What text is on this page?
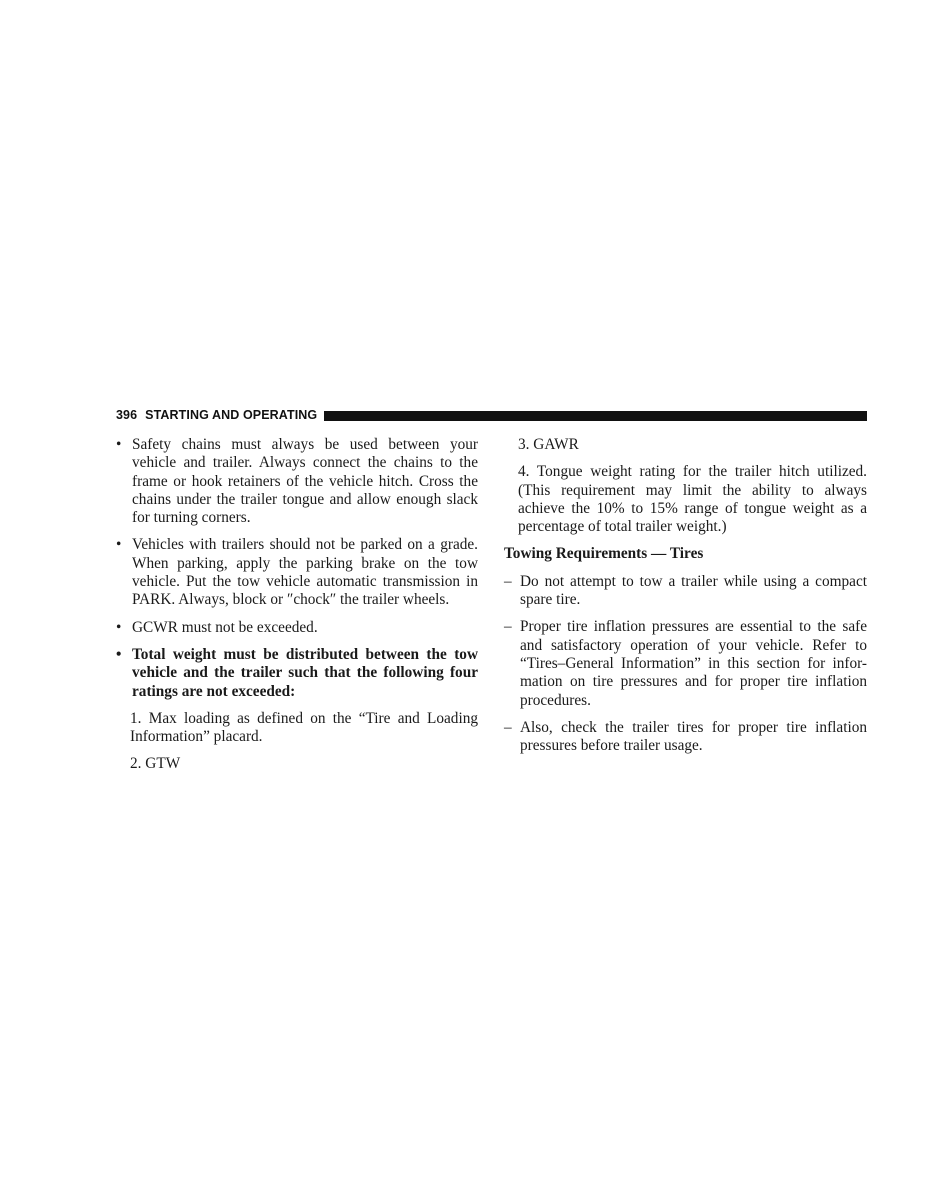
396 STARTING AND OPERATING
• Safety chains must always be used between your vehicle and trailer. Always connect the chains to the frame or hook retainers of the vehicle hitch. Cross the chains under the trailer tongue and allow enough slack for turning corners.
• Vehicles with trailers should not be parked on a grade. When parking, apply the parking brake on the tow vehicle. Put the tow vehicle automatic transmission in PARK. Always, block or ″chock″ the trailer wheels.
• GCWR must not be exceeded.
• Total weight must be distributed between the tow vehicle and the trailer such that the following four ratings are not exceeded:
1. Max loading as defined on the “Tire and Loading Information” placard.
2. GTW
3. GAWR
4. Tongue weight rating for the trailer hitch utilized. (This requirement may limit the ability to always achieve the 10% to 15% range of tongue weight as a percentage of total trailer weight.)
Towing Requirements — Tires
– Do not attempt to tow a trailer while using a compact spare tire.
– Proper tire inflation pressures are essential to the safe and satisfactory operation of your vehicle. Refer to “Tires–General Information” in this section for infor-mation on tire pressures and for proper tire inflation procedures.
– Also, check the trailer tires for proper tire inflation pressures before trailer usage.
